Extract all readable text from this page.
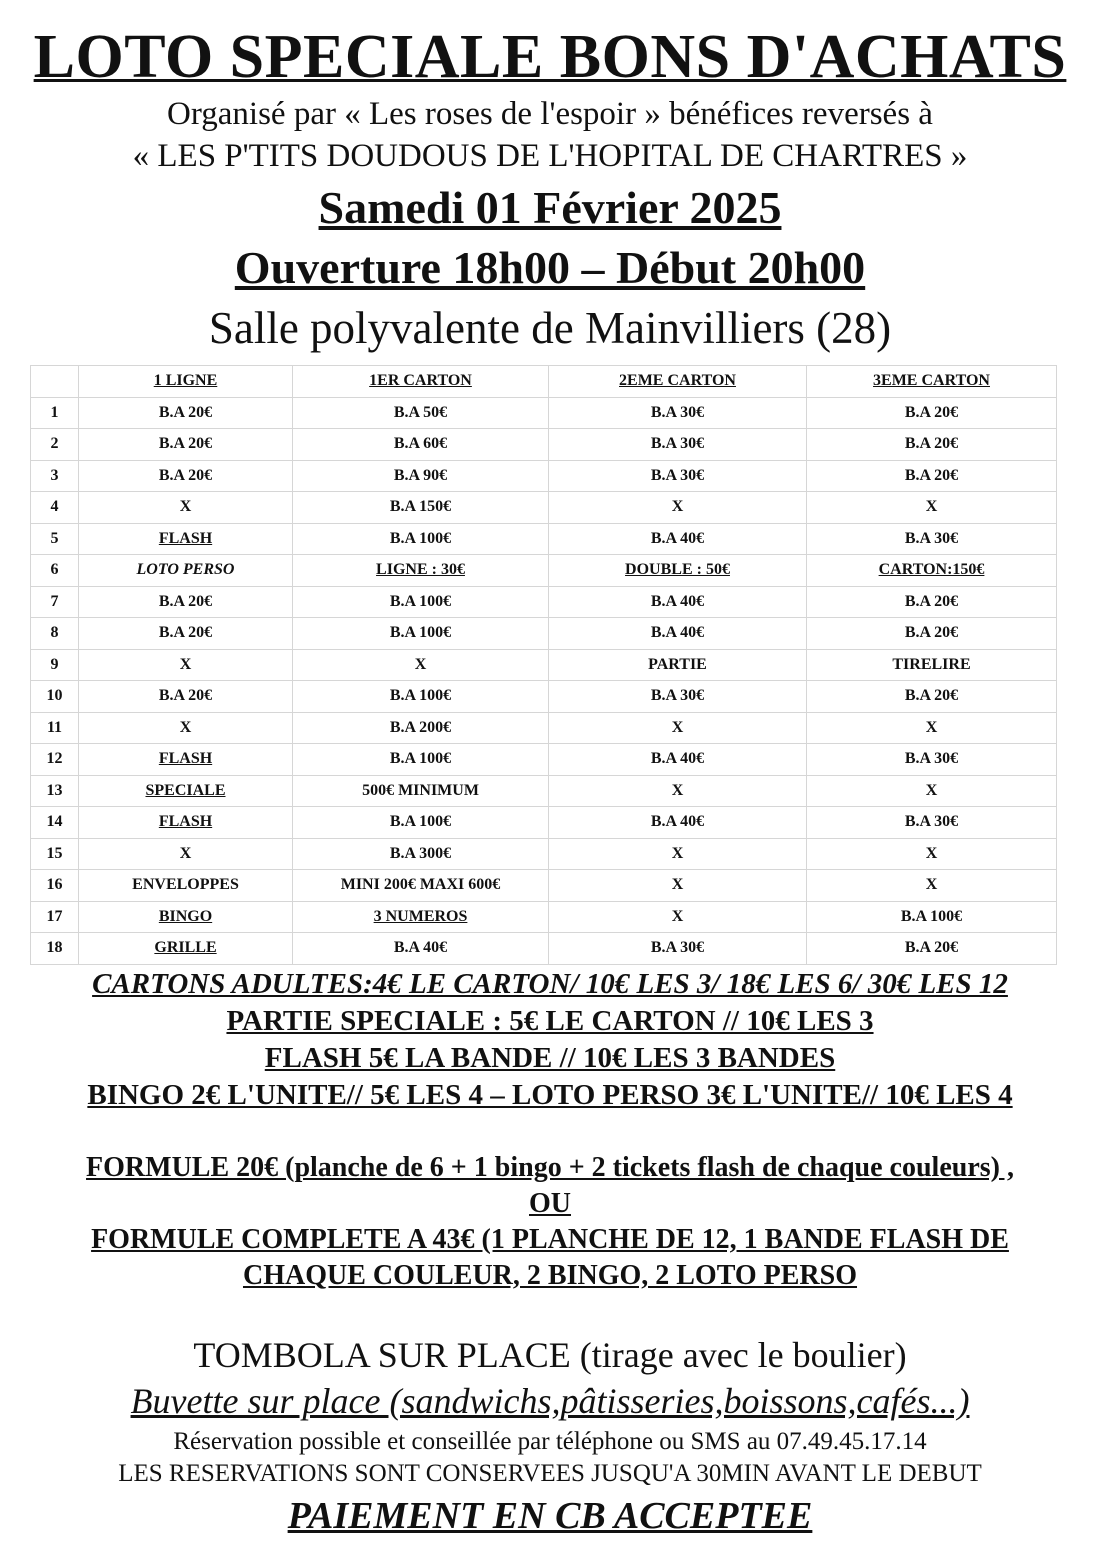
LOTO SPECIALE BONS D'ACHATS
Organisé par « Les roses de l'espoir » bénéfices reversés à
« LES P'TITS DOUDOUS DE L'HOPITAL DE CHARTRES »
Samedi 01 Février 2025
Ouverture 18h00 – Début 20h00
Salle polyvalente de Mainvilliers (28)
	1 LIGNE	1ER CARTON	2EME CARTON	3EME CARTON
1	B.A 20€	B.A 50€	B.A 30€	B.A 20€
2	B.A 20€	B.A 60€	B.A 30€	B.A 20€
3	B.A 20€	B.A 90€	B.A 30€	B.A 20€
4	X	B.A 150€	X	X
5	FLASH	B.A 100€	B.A 40€	B.A 30€
6	LOTO PERSO	LIGNE : 30€	DOUBLE : 50€	CARTON:150€
7	B.A 20€	B.A 100€	B.A 40€	B.A 20€
8	B.A 20€	B.A 100€	B.A 40€	B.A 20€
9	X	X	PARTIE	TIRELIRE
10	B.A 20€	B.A 100€	B.A 30€	B.A 20€
11	X	B.A 200€	X	X
12	FLASH	B.A 100€	B.A 40€	B.A 30€
13	SPECIALE	500€ MINIMUM	X	X
14	FLASH	B.A 100€	B.A 40€	B.A 30€
15	X	B.A 300€	X	X
16	ENVELOPPES	MINI 200€ MAXI 600€	X	X
17	BINGO	3 NUMEROS	X	B.A 100€
18	GRILLE	B.A 40€	B.A 30€	B.A 20€
CARTONS ADULTES:4€ LE CARTON/ 10€ LES 3/ 18€ LES 6/ 30€ LES 12
PARTIE SPECIALE : 5€ LE CARTON // 10€ LES 3
FLASH 5€ LA BANDE // 10€ LES 3 BANDES
BINGO 2€ L'UNITE// 5€ LES 4 – LOTO PERSO 3€ L'UNITE// 10€ LES 4
FORMULE 20€ (planche de 6 + 1 bingo + 2 tickets flash de chaque couleurs) ,
OU
FORMULE COMPLETE A 43€ (1 PLANCHE DE 12, 1 BANDE FLASH DE
CHAQUE COULEUR, 2 BINGO, 2 LOTO PERSO
TOMBOLA SUR PLACE (tirage avec le boulier)
Buvette sur place (sandwichs,pâtisseries,boissons,cafés...)
Réservation possible et conseillée par téléphone ou SMS au 07.49.45.17.14
LES RESERVATIONS SONT CONSERVEES JUSQU'A 30MIN AVANT LE DEBUT
PAIEMENT EN CB ACCEPTEE
